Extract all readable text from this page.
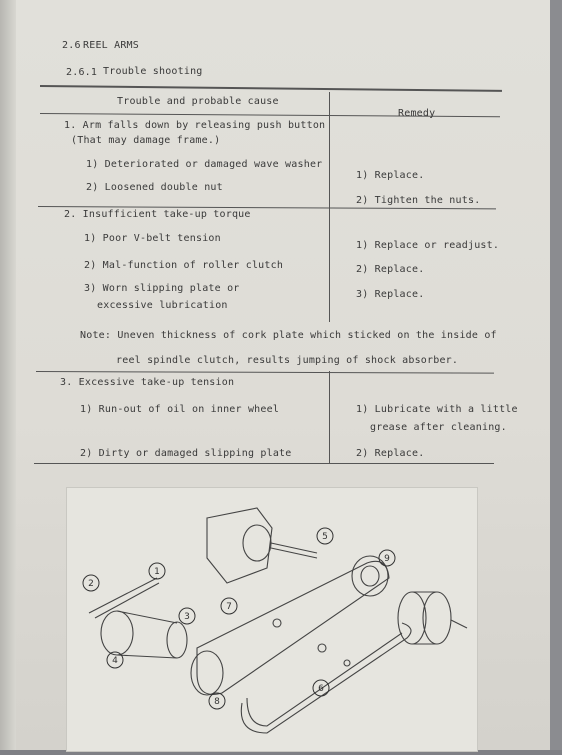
2.6 REEL ARMS
2.6.1 Trouble shooting
Trouble and probable cause
Remedy
1. Arm falls down by releasing push button
(That may damage frame.)
1) Deteriorated or damaged wave washer
2) Loosened double nut
1) Replace.
2) Tighten the nuts.
2. Insufficient take-up torque
1) Poor V-belt tension
2) Mal-function of roller clutch
3) Worn slipping plate or
excessive lubrication
1) Replace or readjust.
2) Replace.
3) Replace.
Note: Uneven thickness of cork plate which sticked on the inside of
reel spindle clutch, results jumping of shock absorber.
3. Excessive take-up tension
1) Run-out of oil on inner wheel
2) Dirty or damaged slipping plate
1) Lubricate with a little
grease after cleaning.
2) Replace.
1
2
3
4
5
6
7
8
9
